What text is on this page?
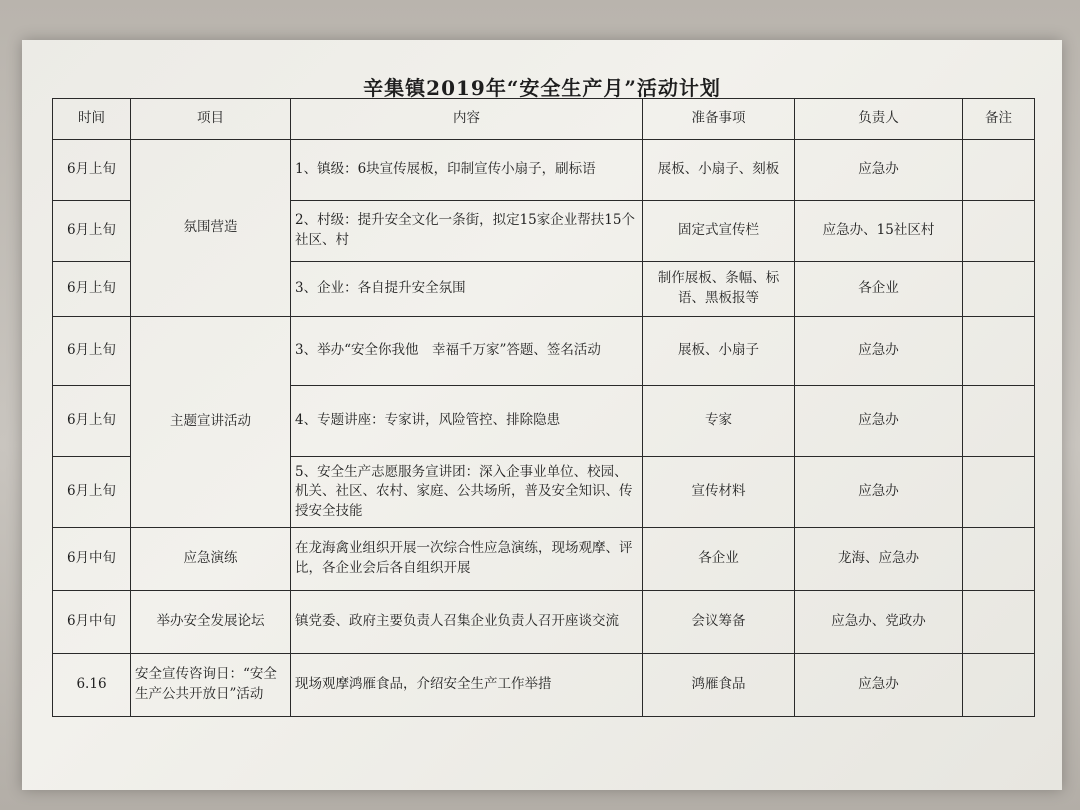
辛集镇2019年“安全生产月”活动计划
时间	项目	内容	准备事项	负责人	备注
6月上旬	氛围营造	1、镇级：6块宣传展板，印制宣传小扇子，刷标语	展板、小扇子、刻板	应急办	
6月上旬		2、村级：提升安全文化一条街，拟定15家企业帮扶15个社区、村	固定式宣传栏	应急办、15社区村	
6月上旬		3、企业：各自提升安全氛围	制作展板、条幅、标语、黑板报等	各企业	
6月上旬	主题宣讲活动	3、举办“安全你我他　幸福千万家”答题、签名活动	展板、小扇子	应急办	
6月上旬		4、专题讲座：专家讲，风险管控、排除隐患	专家	应急办	
6月上旬		5、安全生产志愿服务宣讲团：深入企事业单位、校园、机关、社区、农村、家庭、公共场所，普及安全知识、传授安全技能	宣传材料	应急办	
6月中旬	应急演练	在龙海禽业组织开展一次综合性应急演练，现场观摩、评比，各企业会后各自组织开展	各企业	龙海、应急办	
6月中旬	举办安全发展论坛	镇党委、政府主要负责人召集企业负责人召开座谈交流	会议筹备	应急办、党政办	
6.16	安全宣传咨询日：“安全生产公共开放日”活动	现场观摩鸿雁食品，介绍安全生产工作举措	鸿雁食品	应急办	
